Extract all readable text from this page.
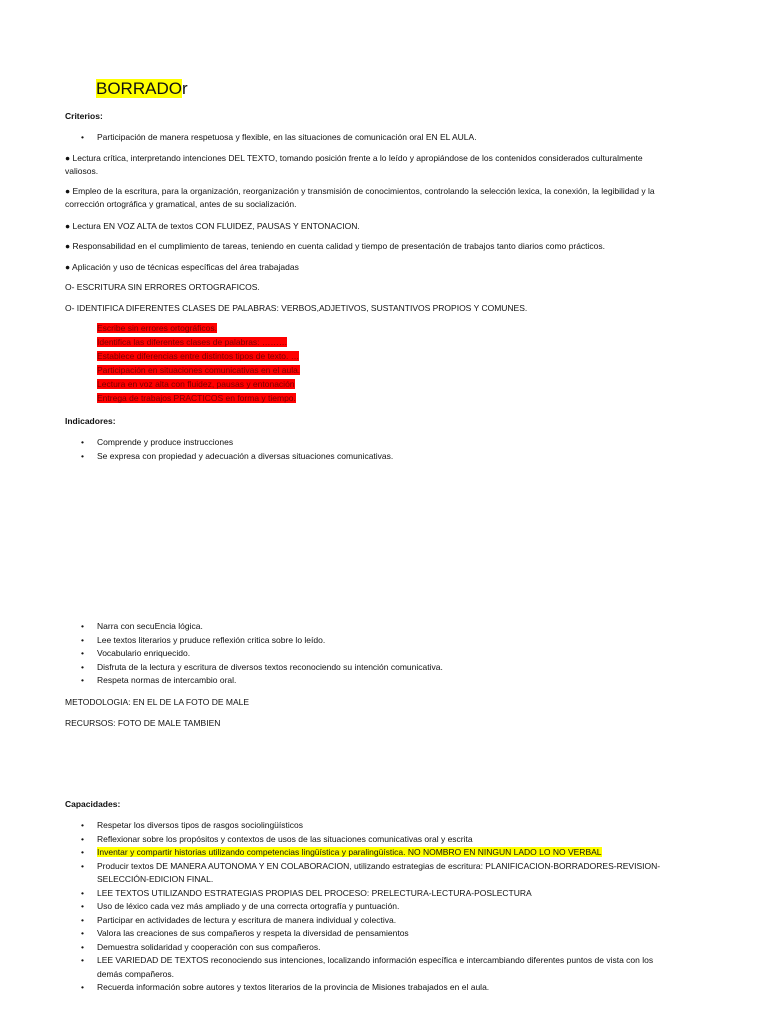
BORRADOr
Criterios:
• Participación de manera respetuosa y flexible, en las situaciones de comunicación oral EN EL AULA.
● Lectura crítica, interpretando intenciones DEL TEXTO, tomando posición frente a lo leído y apropiándose de los contenidos considerados culturalmente valiosos.
● Empleo de la escritura, para la organización, reorganización y transmisión de conocimientos, controlando la selección lexica, la conexión, la legibilidad y la corrección ortográfica y gramatical, antes de su socialización.
● Lectura EN VOZ ALTA de textos CON FLUIDEZ, PAUSAS Y ENTONACION.
● Responsabilidad en el cumplimiento de tareas, teniendo en cuenta calidad y tiempo de presentación de trabajos tanto diarios como prácticos.
● Aplicación y uso de técnicas específicas del área trabajadas
O- ESCRITURA SIN ERRORES ORTOGRAFICOS.
O- IDENTIFICA DIFERENTES CLASES DE PALABRAS: VERBOS,ADJETIVOS, SUSTANTIVOS PROPIOS Y COMUNES.
Escribe sin errores ortográficos.
Identifica las diferentes clases de palabras: ………
Establece diferencias entre distintos tipos de texto. …
Participación en situaciones comunicativas en el aula.
Lectura en voz alta con fluidez, pausas y entonación
Entrega de trabajos PRACTICOS en forma y tiempo.
Indicadores:
• Comprende y produce instrucciones
• Se expresa con propiedad y adecuación a diversas situaciones comunicativas.
• Narra con secuEncia lógica.
• Lee textos literarios y pruduce reflexión critica sobre lo leído.
• Vocabulario enriquecido.
• Disfruta de la lectura y escritura de diversos textos reconociendo su intención comunicativa.
• Respeta normas de intercambio oral.
METODOLOGIA: EN EL DE LA FOTO DE MALE
RECURSOS: FOTO DE MALE TAMBIEN
Capacidades:
• Respetar los diversos tipos de rasgos sociolingüísticos
• Reflexionar sobre los propósitos y contextos de usos de las situaciones comunicativas oral y escrita
• Inventar y compartir historias utilizando competencias lingüística y paralingüística. NO NOMBRO EN NINGUN LADO LO NO VERBAL
• Producir textos DE MANERA AUTONOMA Y EN COLABORACION, utilizando estrategias de escritura: PLANIFICACION-BORRADORES-REVISION-SELECCIÓN-EDICION FINAL.
• LEE TEXTOS UTILIZANDO ESTRATEGIAS PROPIAS DEL PROCESO: PRELECTURA-LECTURA-POSLECTURA
• Uso de léxico cada vez más ampliado y de una correcta ortografía y puntuación.
• Participar en actividades de lectura y escritura de manera individual y colectiva.
• Valora las creaciones de sus compañeros y respeta la diversidad de pensamientos
• Demuestra solidaridad y cooperación con sus compañeros.
• LEE VARIEDAD DE TEXTOS reconociendo sus intenciones, localizando información específica e intercambiando diferentes puntos de vista con los demás compañeros.
• Recuerda información sobre autores y textos literarios de la provincia de Misiones trabajados en el aula.
